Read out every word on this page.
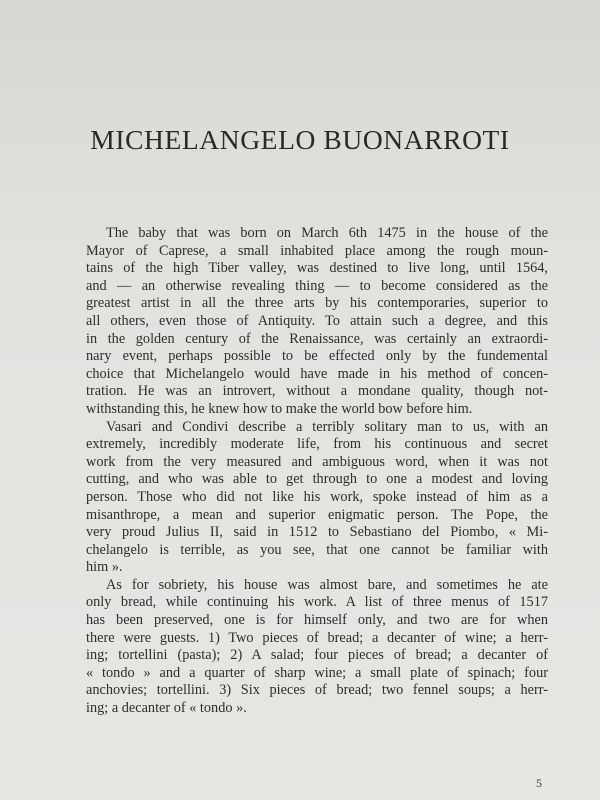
MICHELANGELO BUONARROTI
The baby that was born on March 6th 1475 in the house of the
Mayor of Caprese, a small inhabited place among the rough moun-
tains of the high Tiber valley, was destined to live long, until 1564,
and — an otherwise revealing thing — to become considered as the
greatest artist in all the three arts by his contemporaries, superior to
all others, even those of Antiquity. To attain such a degree, and this
in the golden century of the Renaissance, was certainly an extraordi-
nary event, perhaps possible to be effected only by the fundemental
choice that Michelangelo would have made in his method of concen-
tration. He was an introvert, without a mondane quality, though not-
withstanding this, he knew how to make the world bow before him.
Vasari and Condivi describe a terribly solitary man to us, with an
extremely, incredibly moderate life, from his continuous and secret
work from the very measured and ambiguous word, when it was not
cutting, and who was able to get through to one a modest and loving
person. Those who did not like his work, spoke instead of him as a
misanthrope, a mean and superior enigmatic person. The Pope, the
very proud Julius II, said in 1512 to Sebastiano del Piombo, « Mi-
chelangelo is terrible, as you see, that one cannot be familiar with
him ».
As for sobriety, his house was almost bare, and sometimes he ate
only bread, while continuing his work. A list of three menus of 1517
has been preserved, one is for himself only, and two are for when
there were guests. 1) Two pieces of bread; a decanter of wine; a herr-
ing; tortellini (pasta); 2) A salad; four pieces of bread; a decanter of
« tondo » and a quarter of sharp wine; a small plate of spinach; four
anchovies; tortellini. 3) Six pieces of bread; two fennel soups; a herr-
ing; a decanter of « tondo ».
5
